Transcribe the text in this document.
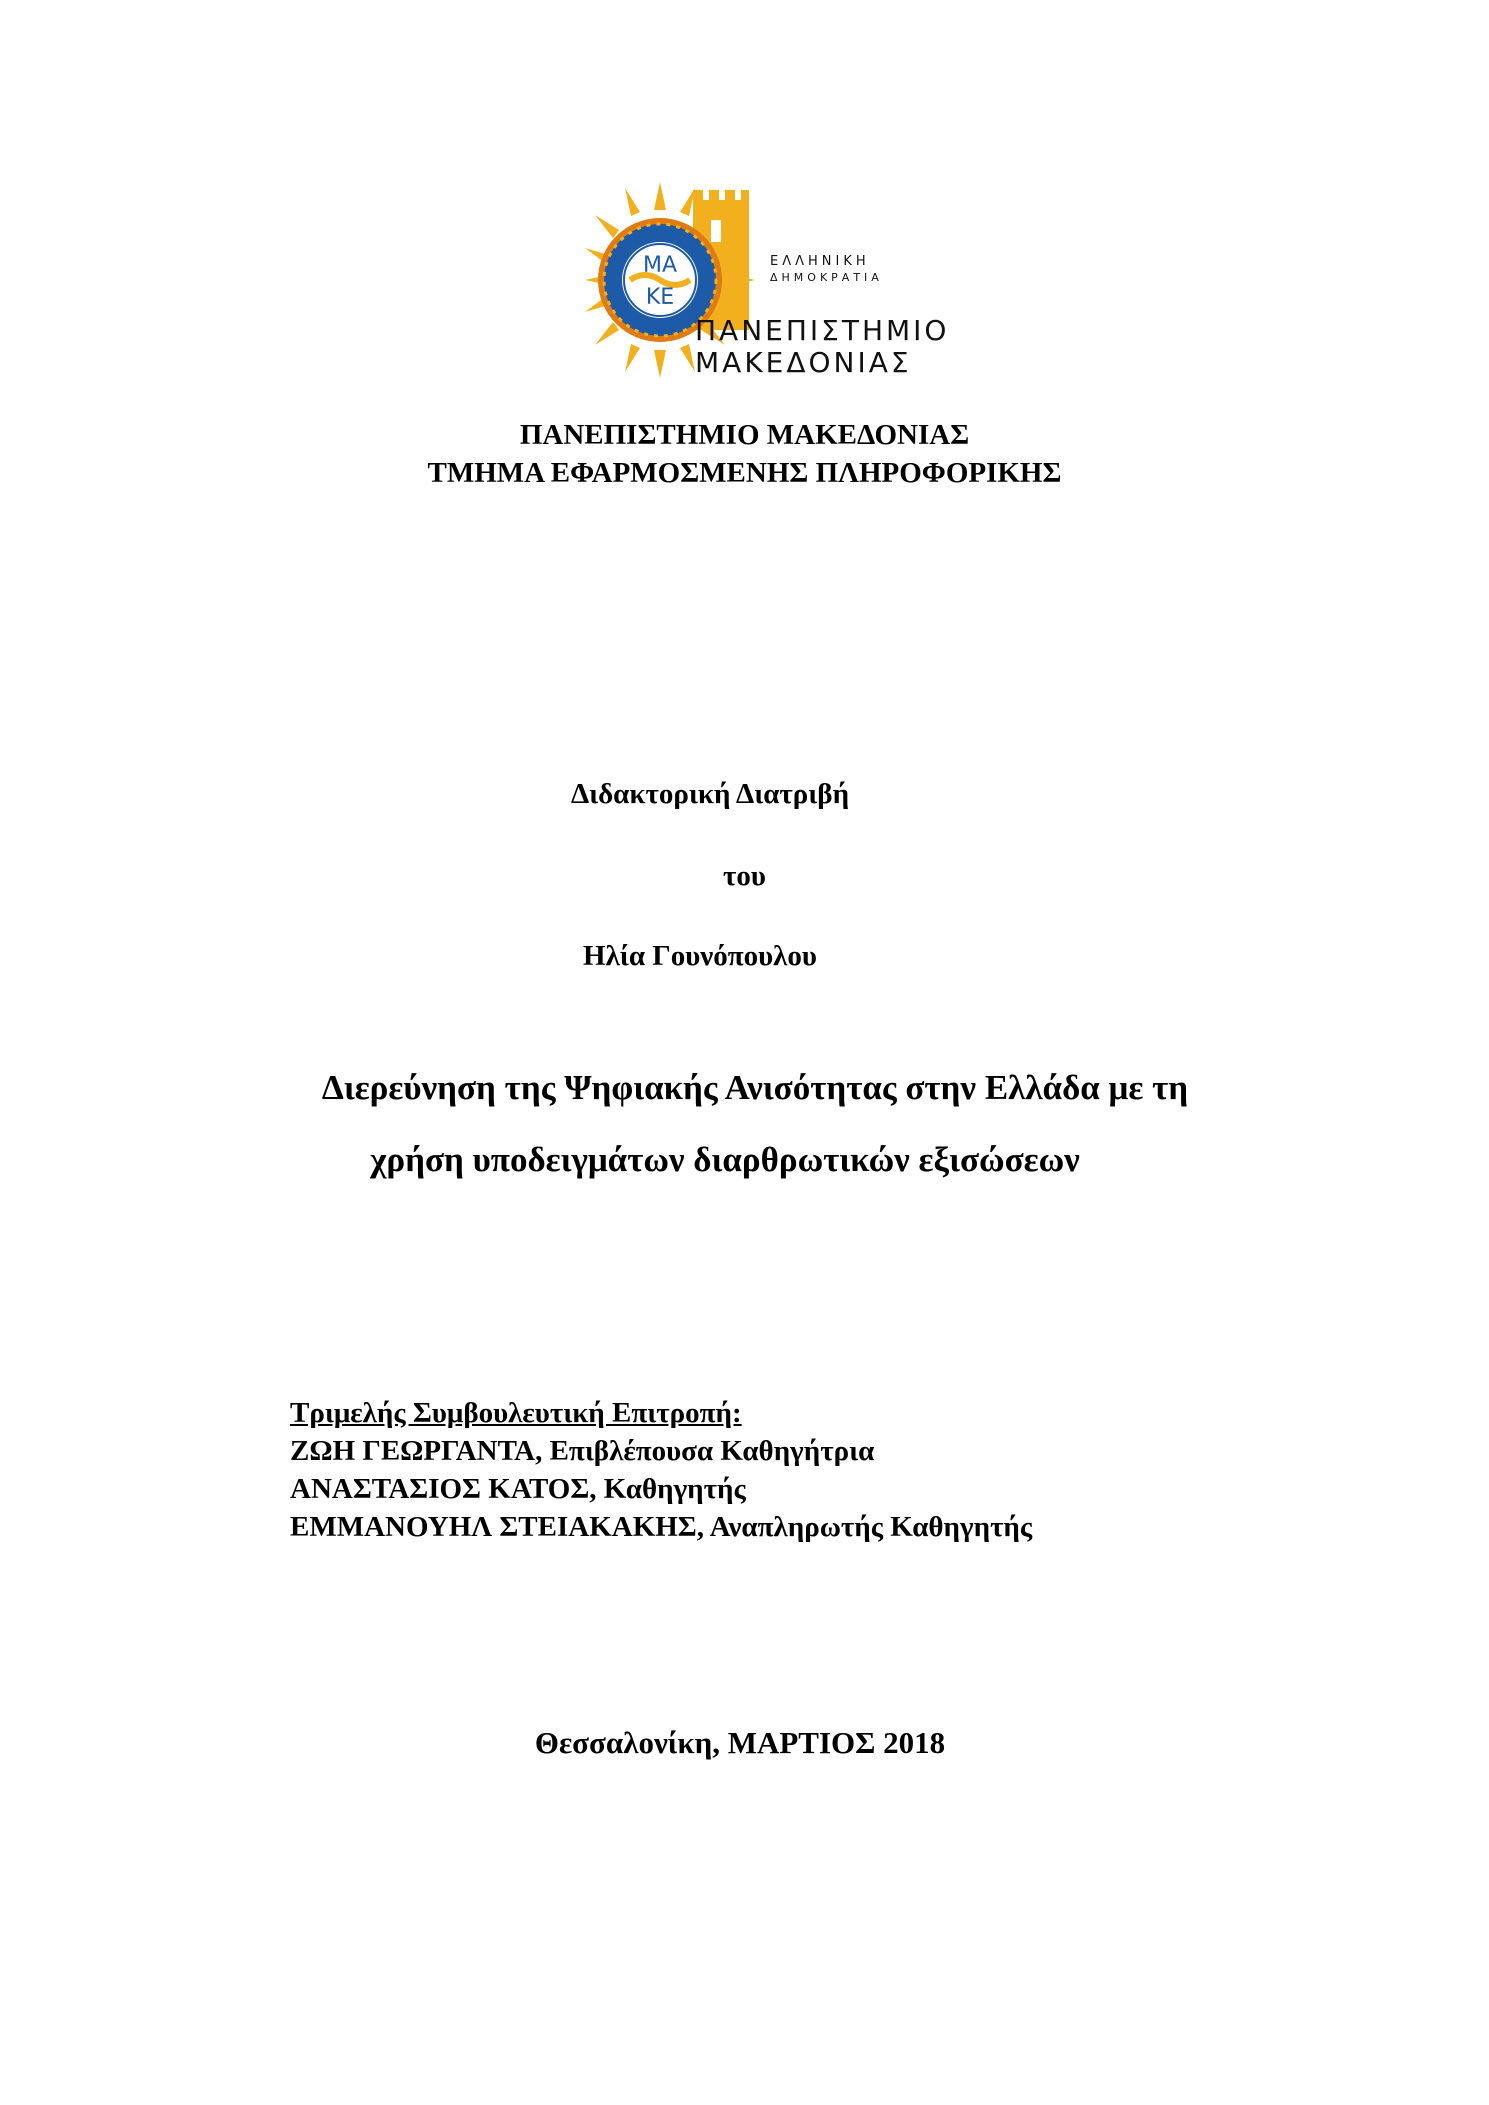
ΜΑ
ΚΕ
ΕΛΛΗΝΙΚΗ
ΔΗΜΟΚΡΑΤΙΑ
ΠΑΝΕΠΙΣΤΗΜΙΟ
ΜΑΚΕΔΟΝΙΑΣ
ΠΑΝΕΠΙΣΤΗΜΙΟ ΜΑΚΕΔΟΝΙΑΣ
ΤΜΗΜΑ ΕΦΑΡΜΟΣΜΕΝΗΣ ΠΛΗΡΟΦΟΡΙΚΗΣ
Διδακτορική Διατριβή
του
Ηλία Γουνόπουλου
Διερεύνηση της Ψηφιακής Ανισότητας στην Ελλάδα με τη
χρήση υποδειγμάτων διαρθρωτικών εξισώσεων
Τριμελής Συμβουλευτική Επιτροπή:
ΖΩΗ ΓΕΩΡΓΑΝΤΑ, Επιβλέπουσα Καθηγήτρια
ΑΝΑΣΤΑΣΙΟΣ ΚΑΤΟΣ, Καθηγητής
ΕΜΜΑΝΟΥΗΛ ΣΤΕΙΑΚΑΚΗΣ, Αναπληρωτής Καθηγητής
Θεσσαλονίκη, ΜΑΡΤΙΟΣ 2018
